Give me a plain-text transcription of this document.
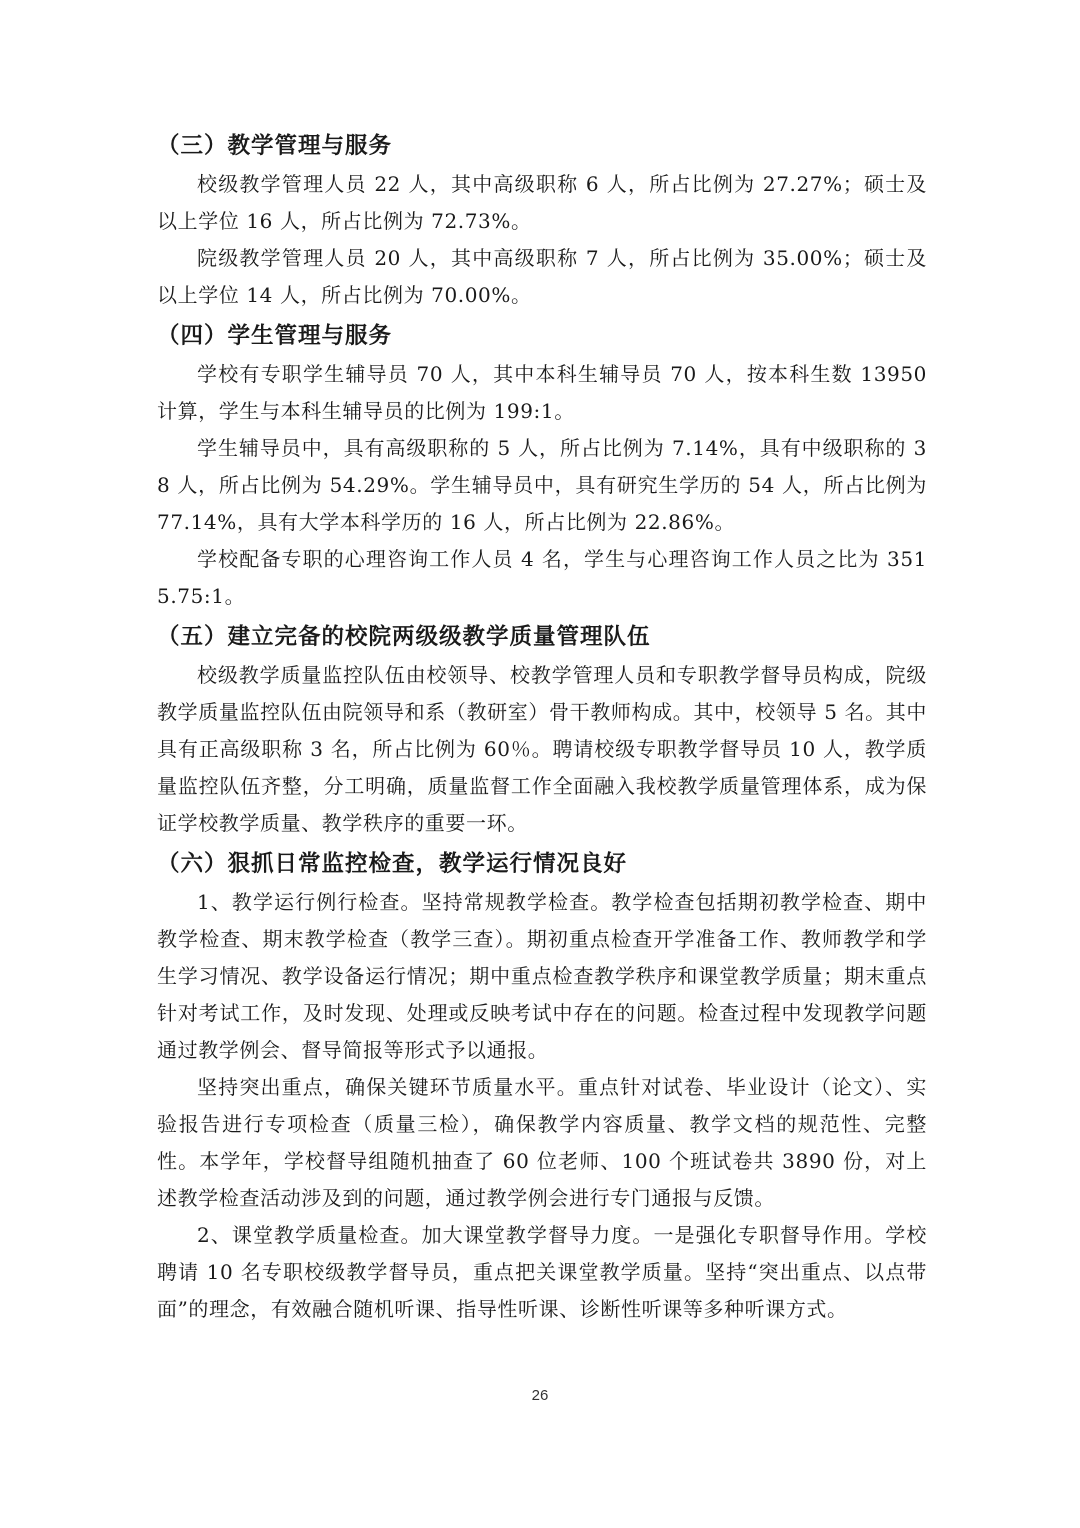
（三）教学管理与服务

校级教学管理人员 22 人，其中高级职称 6 人，所占比例为 27.27%；硕士及以上学位 16 人，所占比例为 72.73%。

院级教学管理人员 20 人，其中高级职称 7 人，所占比例为 35.00%；硕士及以上学位 14 人，所占比例为 70.00%。

（四）学生管理与服务

学校有专职学生辅导员 70 人，其中本科生辅导员 70 人，按本科生数 13950 计算，学生与本科生辅导员的比例为 199:1。

学生辅导员中，具有高级职称的 5 人，所占比例为 7.14%，具有中级职称的 38 人，所占比例为 54.29%。学生辅导员中，具有研究生学历的 54 人，所占比例为 77.14%，具有大学本科学历的 16 人，所占比例为 22.86%。

学校配备专职的心理咨询工作人员 4 名，学生与心理咨询工作人员之比为 3515.75:1。

（五）建立完备的校院两级级教学质量管理队伍

校级教学质量监控队伍由校领导、校教学管理人员和专职教学督导员构成，院级教学质量监控队伍由院领导和系（教研室）骨干教师构成。其中，校领导 5 名。其中具有正高级职称 3 名，所占比例为 60％。聘请校级专职教学督导员 10 人，教学质量监控队伍齐整，分工明确，质量监督工作全面融入我校教学质量管理体系，成为保证学校教学质量、教学秩序的重要一环。

（六）狠抓日常监控检查，教学运行情况良好

1、教学运行例行检查。坚持常规教学检查。教学检查包括期初教学检查、期中教学检查、期末教学检查（教学三查）。期初重点检查开学准备工作、教师教学和学生学习情况、教学设备运行情况；期中重点检查教学秩序和课堂教学质量；期末重点针对考试工作，及时发现、处理或反映考试中存在的问题。检查过程中发现教学问题通过教学例会、督导简报等形式予以通报。

坚持突出重点，确保关键环节质量水平。重点针对试卷、毕业设计（论文）、实验报告进行专项检查（质量三检），确保教学内容质量、教学文档的规范性、完整性。本学年，学校督导组随机抽查了 60 位老师、100 个班试卷共 3890 份，对上述教学检查活动涉及到的问题，通过教学例会进行专门通报与反馈。

2、课堂教学质量检查。加大课堂教学督导力度。一是强化专职督导作用。学校聘请 10 名专职校级教学督导员，重点把关课堂教学质量。坚持“突出重点、以点带面”的理念，有效融合随机听课、指导性听课、诊断性听课等多种听课方式。

26
